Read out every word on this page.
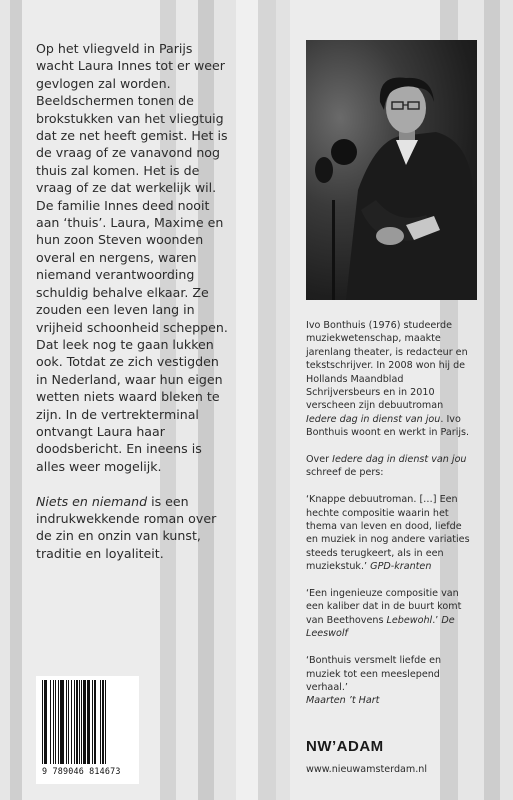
Op het vliegveld in Parijs wacht Laura Innes tot er weer gevlogen zal worden. Beeldschermen tonen de brokstukken van het vliegtuig dat ze net heeft gemist. Het is de vraag of ze vanavond nog thuis zal komen. Het is de vraag of ze dat werkelijk wil. De familie Innes deed nooit aan ‘thuis’. Laura, Maxime en hun zoon Steven woonden overal en nergens, waren niemand verantwoording schuldig behalve elkaar. Ze zouden een leven lang in vrijheid schoonheid scheppen. Dat leek nog te gaan lukken ook. Totdat ze zich vestigden in Nederland, waar hun eigen wetten niets waard bleken te zijn. In de vertrekterminal ontvangt Laura haar doodsbericht. En ineens is alles weer mogelijk.

Niets en niemand is een indrukwekkende roman over de zin en onzin van kunst, traditie en loyaliteit.

Ivo Bonthuis (1976) studeerde muziekwetenschap, maakte jarenlang theater, is redacteur en tekstschrijver. In 2008 won hij de Hollands Maandblad Schrijversbeurs en in 2010 verscheen zijn debuutroman Iedere dag in dienst van jou. Ivo Bonthuis woont en werkt in Parijs.

Over Iedere dag in dienst van jou schreef de pers:

‘Knappe debuutroman. […] Een hechte compositie waarin het thema van leven en dood, liefde en muziek in nog andere variaties steeds terugkeert, als in een muziekstuk.’ GPD-kranten

‘Een ingenieuze compositie van een kaliber dat in de buurt komt van Beethovens Lebewohl.’ De Leeswolf

‘Bonthuis versmelt liefde en muziek tot een meeslepend verhaal.’
Maarten ’t Hart

9 789046 814673
NW’ADAM
www.nieuwamsterdam.nl
